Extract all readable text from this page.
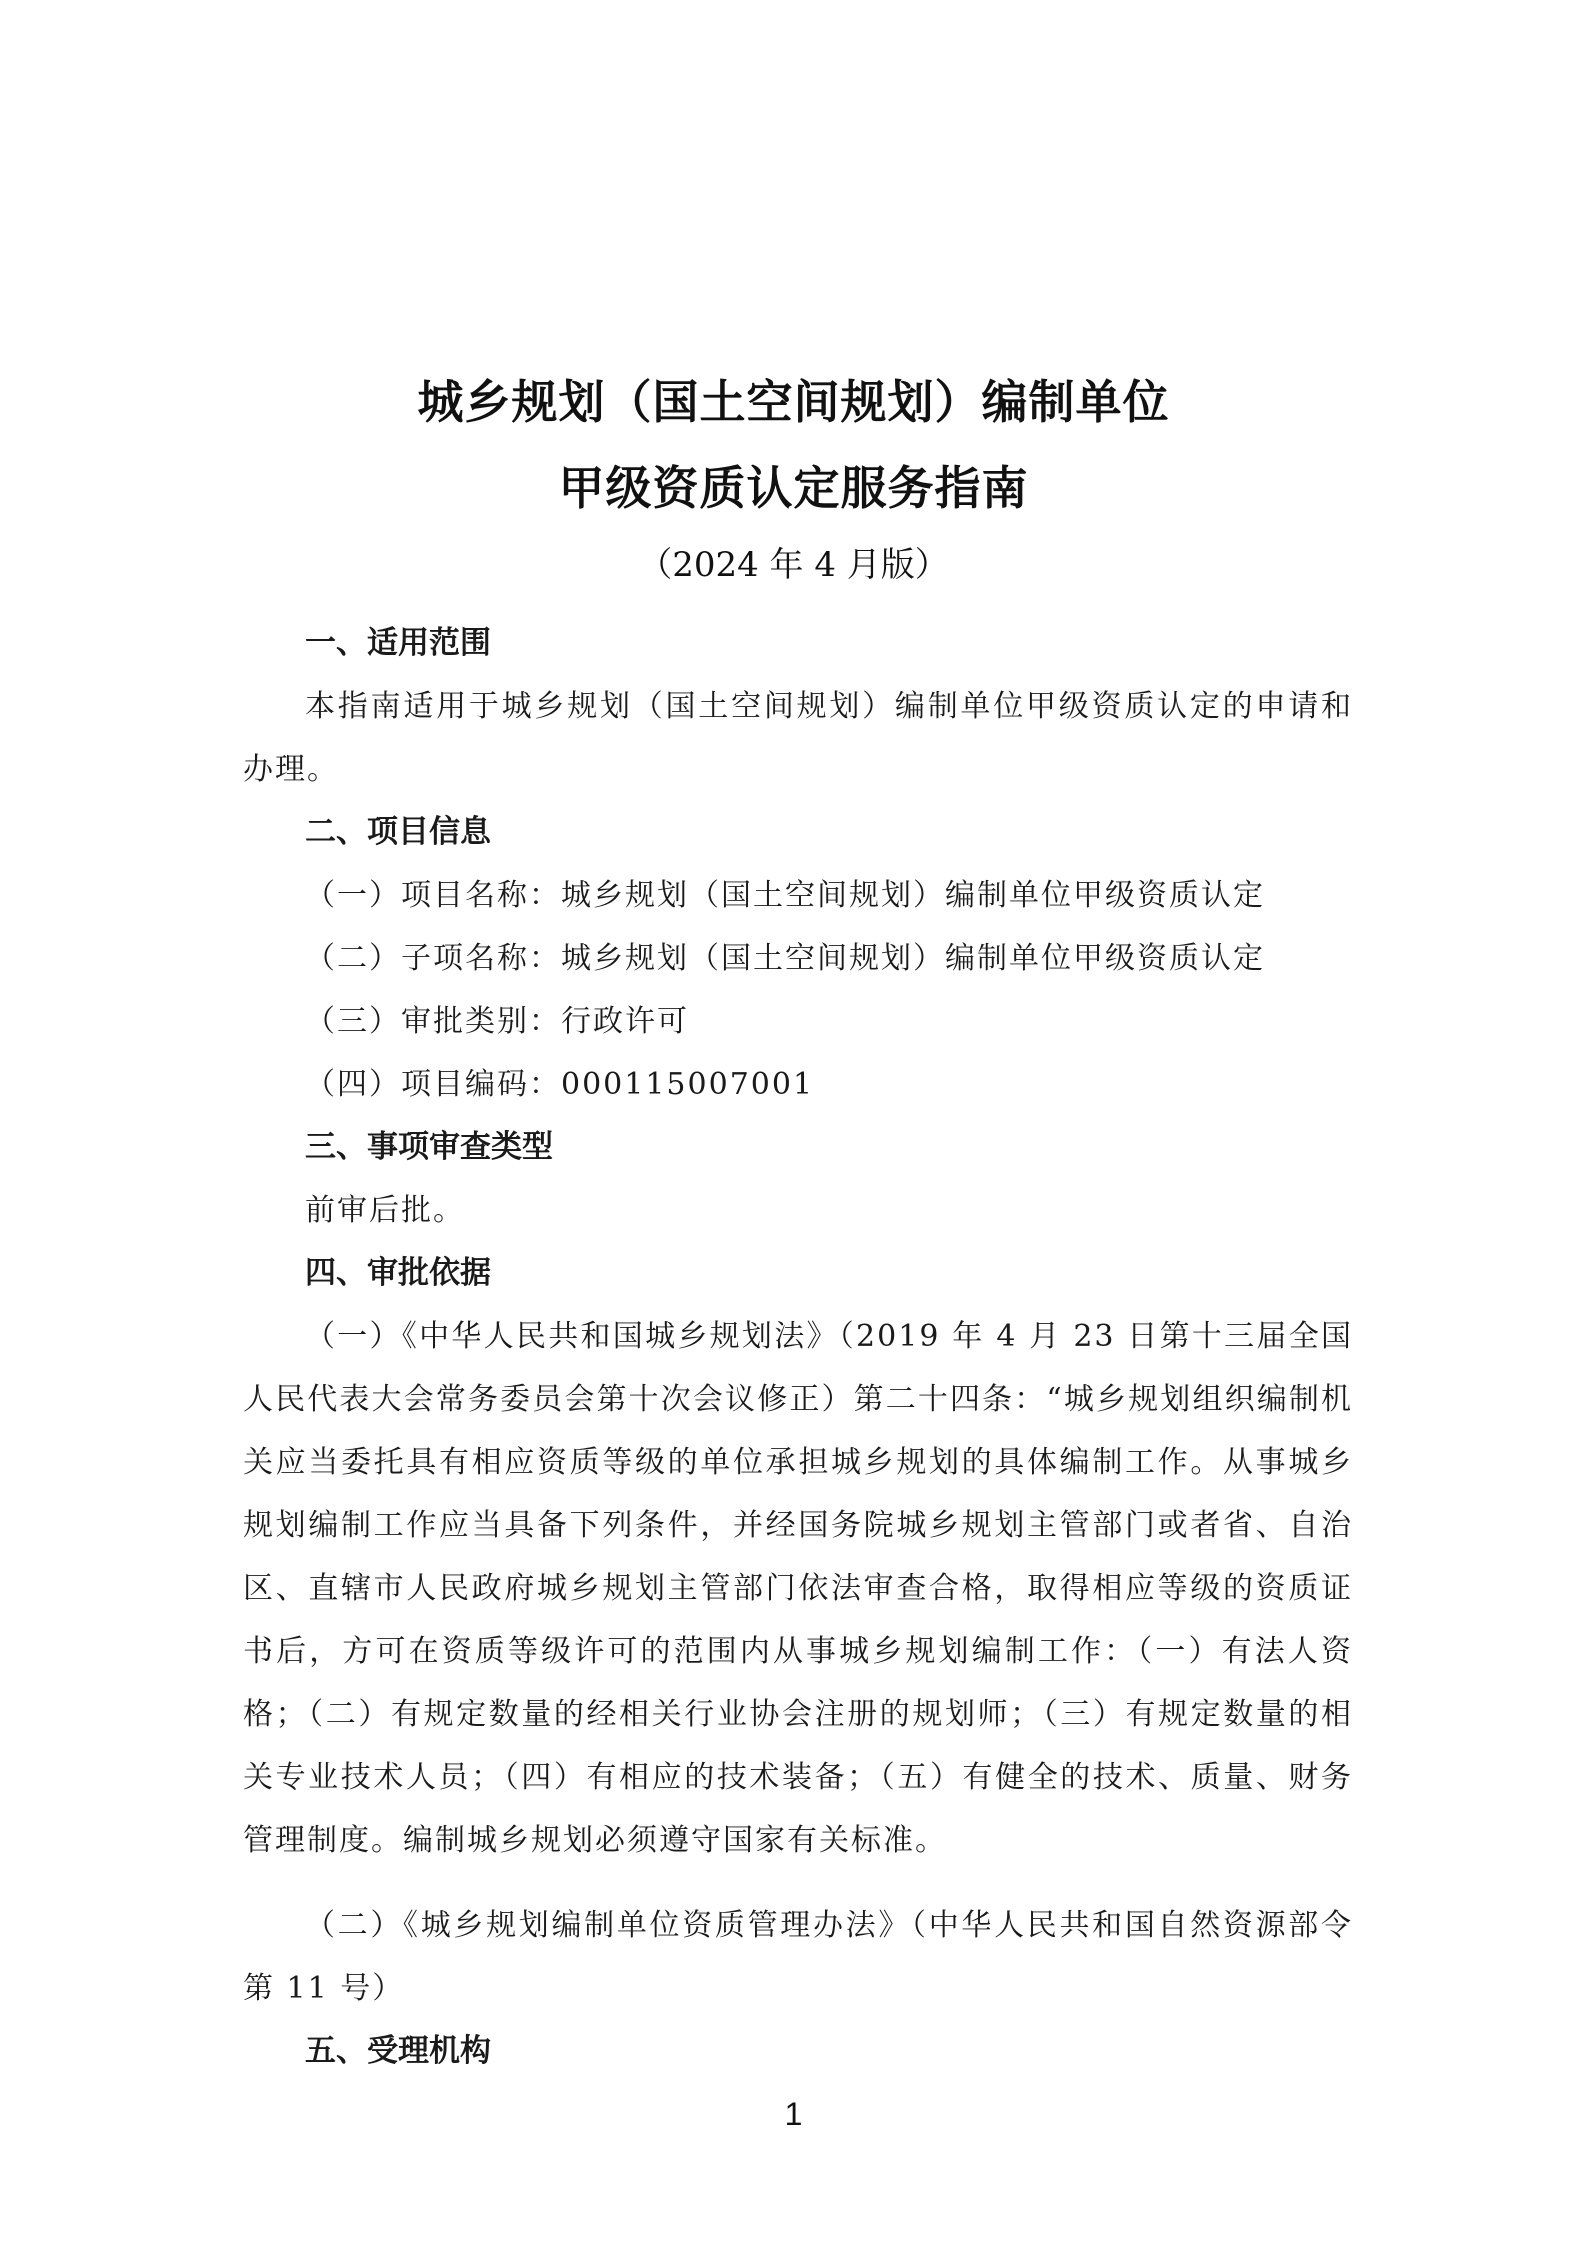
城乡规划（国土空间规划）编制单位
甲级资质认定服务指南
（2024 年 4 月版）

一、适用范围

本指南适用于城乡规划（国土空间规划）编制单位甲级资质认定的申请和办理。

二、项目信息

（一）项目名称：城乡规划（国土空间规划）编制单位甲级资质认定

（二）子项名称：城乡规划（国土空间规划）编制单位甲级资质认定

（三）审批类别：行政许可

（四）项目编码：000115007001

三、事项审查类型

前审后批。

四、审批依据

（一）《中华人民共和国城乡规划法》（2019 年 4 月 23 日第十三届全国人民代表大会常务委员会第十次会议修正）第二十四条：“城乡规划组织编制机关应当委托具有相应资质等级的单位承担城乡规划的具体编制工作。从事城乡规划编制工作应当具备下列条件，并经国务院城乡规划主管部门或者省、自治区、直辖市人民政府城乡规划主管部门依法审查合格，取得相应等级的资质证书后，方可在资质等级许可的范围内从事城乡规划编制工作：（一）有法人资格；（二）有规定数量的经相关行业协会注册的规划师；（三）有规定数量的相关专业技术人员；（四）有相应的技术装备；（五）有健全的技术、质量、财务管理制度。编制城乡规划必须遵守国家有关标准。

（二）《城乡规划编制单位资质管理办法》（中华人民共和国自然资源部令第 11 号）

五、受理机构

1
